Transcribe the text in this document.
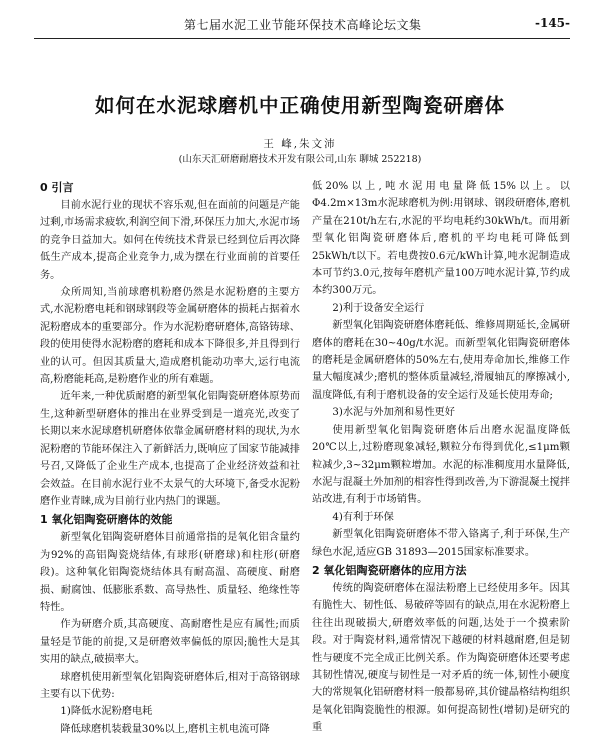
第七届水泥工业节能环保技术高峰论坛文集	-145-
如何在水泥球磨机中正确使用新型陶瓷研磨体
王 峰,朱文沛
(山东天汇研磨耐磨技术开发有限公司,山东 聊城 252218)

0 引言

目前水泥行业的现状不容乐观,但在面前的问题是产能过剩,市场需求疲软,利润空间下滑,环保压力加大,水泥市场的竞争日益加大。如何在传统技术背景已经到位后再次降低生产成本,提高企业竞争力,成为摆在行业面前的首要任务。

众所周知,当前球磨机粉磨仍然是水泥粉磨的主要方式,水泥粉磨电耗和钢球钢段等金属研磨体的损耗占据着水泥粉磨成本的重要部分。作为水泥粉磨研磨体,高铬铸球、段的使用使得水泥粉磨的磨耗和成本下降很多,并且得到行业的认可。但因其质量大,造成磨机能动功率大,运行电流高,粉磨能耗高,是粉磨作业的所有难题。

近年来,一种优质耐磨的新型氧化铝陶瓷研磨体原势而生,这种新型研磨体的推出在业界受到是一道亮光,改变了长期以来水泥球磨机研磨体依靠金属研磨材料的现状,为水泥粉磨的节能环保注入了新鲜活力,既响应了国家节能减排号召,又降低了企业生产成本,也提高了企业经济效益和社会效益。在目前水泥行业不太景气的大环境下,备受水泥粉磨作业青睐,成为目前行业内热门的课题。

1 氧化铝陶瓷研磨体的效能

新型氧化铝陶瓷研磨体目前通常指的是氧化铝含量约为92%的高铝陶瓷烧结体,有球形(研磨球)和柱形(研磨段)。这种氧化铝陶瓷烧结体具有耐高温、高硬度、耐磨损、耐腐蚀、低膨胀系数、高导热性、质量轻、绝缘性等特性。

作为研磨介质,其高硬度、高耐磨性是应有属性;而质量轻是节能的前提,又是研磨效率偏低的原因;脆性大是其实用的缺点,破损率大。

球磨机使用新型氧化铝陶瓷研磨体后,相对于高铬钢球主要有以下优势:

1)降低水泥粉磨电耗

降低球磨机装载量30%以上,磨机主机电流可降

低20%以上,吨水泥用电量降低15%以上。以Φ4.2m×13m水泥球磨机为例:用钢球、钢段研磨体,磨机产量在210t/h左右,水泥的平均电耗约30kWh/t。而用新型氧化铝陶瓷研磨体后,磨机的平均电耗可降低到25kWh/t以下。若电费按0.6元/kWh计算,吨水泥制造成本可节约3.0元,按每年磨机产量100万吨水泥计算,节约成本约300万元。

2)利于设备安全运行

新型氧化铝陶瓷研磨体磨耗低、维修周期延长,金属研磨体的磨耗在30~40g/t水泥。而新型氧化铝陶瓷研磨体的磨耗是金属研磨体的50%左右,使用寿命加长,维修工作量大幅度减少;磨机的整体质量减轻,滑履轴瓦的摩擦减小,温度降低,有利于磨机设备的安全运行及延长使用寿命;

3)水泥与外加剂和易性更好

使用新型氧化铝陶瓷研磨体后出磨水泥温度降低20℃以上,过粉磨现象减轻,颗粒分布得到优化,≤1μm颗粒减少,3~32μm颗粒增加。水泥的标准稠度用水量降低,水泥与混凝土外加剂的相容性得到改善,为下游混凝土搅拌站改进,有利于市场销售。

4)有利于环保

新型氧化铝陶瓷研磨体不带入铬离子,利于环保,生产绿色水泥,适应GB 31893—2015国家标准要求。

2 氧化铝陶瓷研磨体的应用方法

传统的陶瓷研磨体在湿法粉磨上已经使用多年。因其有脆性大、韧性低、易破碎等固有的缺点,用在水泥粉磨上往往出现破损大,研磨效率低的问题,达处于一个摸索阶段。对于陶瓷材料,通常情况下越硬的材料越耐磨,但是韧性与硬度不完全成正比例关系。作为陶瓷研磨体还要考虑其韧性情况,硬度与韧性是一对矛盾的统一体,韧性小硬度大的常规氧化铝研磨材料一般都易碎,其价键晶格结构组织是氧化铝陶瓷脆性的根源。如何提高韧性(增韧)是研究的重
